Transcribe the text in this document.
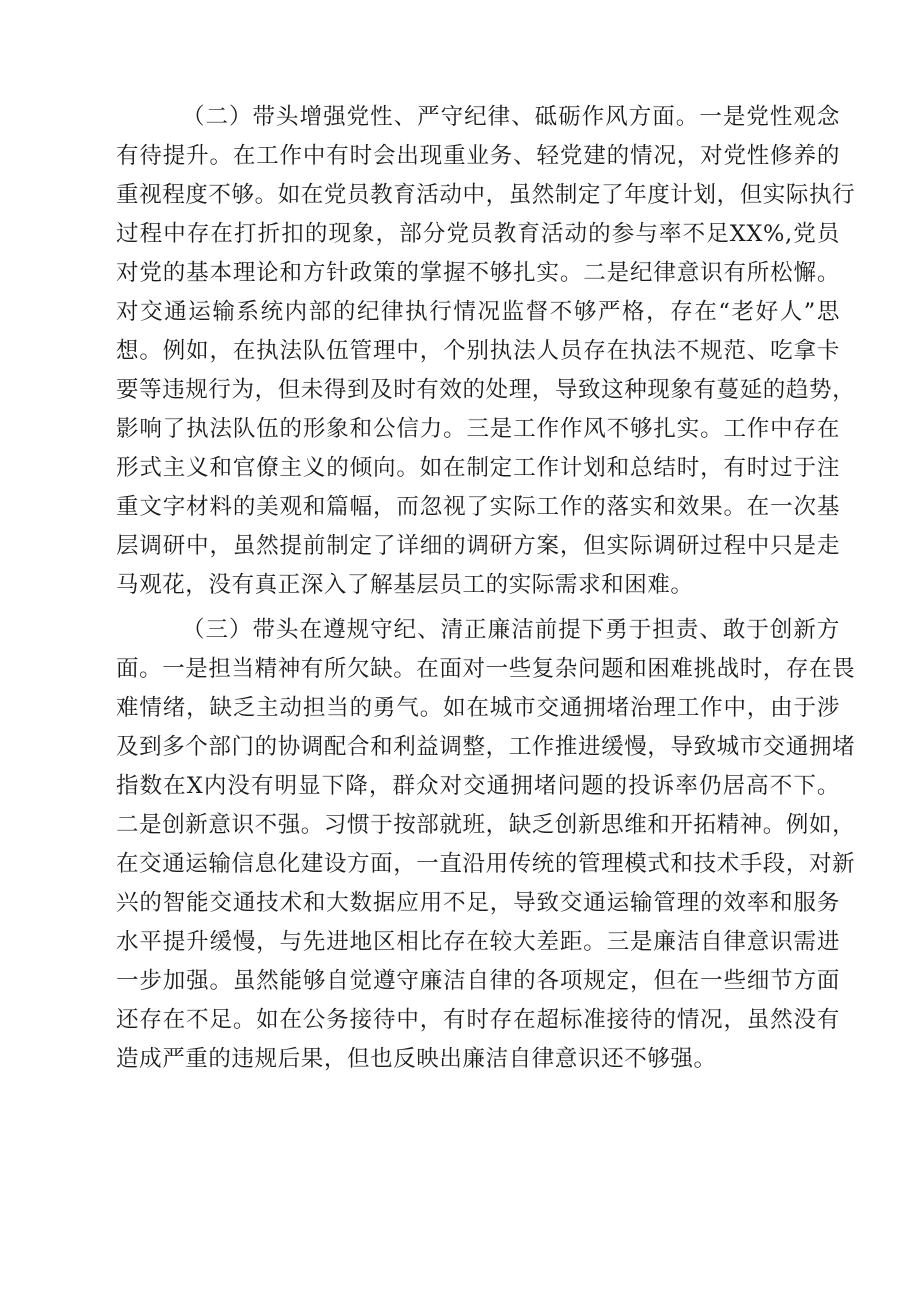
（二）带头增强党性、严守纪律、砥砺作风方面。一是党性观念
有待提升。在工作中有时会出现重业务、轻党建的情况，对党性修养的
重视程度不够。如在党员教育活动中，虽然制定了年度计划，但实际执行
过程中存在打折扣的现象，部分党员教育活动的参与率不足XX%,党员
对党的基本理论和方针政策的掌握不够扎实。二是纪律意识有所松懈。
对交通运输系统内部的纪律执行情况监督不够严格，存在“老好人”思
想。例如，在执法队伍管理中，个别执法人员存在执法不规范、吃拿卡
要等违规行为，但未得到及时有效的处理，导致这种现象有蔓延的趋势，
影响了执法队伍的形象和公信力。三是工作作风不够扎实。工作中存在
形式主义和官僚主义的倾向。如在制定工作计划和总结时，有时过于注
重文字材料的美观和篇幅，而忽视了实际工作的落实和效果。在一次基
层调研中，虽然提前制定了详细的调研方案，但实际调研过程中只是走
马观花，没有真正深入了解基层员工的实际需求和困难。
（三）带头在遵规守纪、清正廉洁前提下勇于担责、敢于创新方
面。一是担当精神有所欠缺。在面对一些复杂问题和困难挑战时，存在畏
难情绪，缺乏主动担当的勇气。如在城市交通拥堵治理工作中，由于涉
及到多个部门的协调配合和利益调整，工作推进缓慢，导致城市交通拥堵
指数在X内没有明显下降，群众对交通拥堵问题的投诉率仍居高不下。
二是创新意识不强。习惯于按部就班，缺乏创新思维和开拓精神。例如，
在交通运输信息化建设方面，一直沿用传统的管理模式和技术手段，对新
兴的智能交通技术和大数据应用不足，导致交通运输管理的效率和服务
水平提升缓慢，与先进地区相比存在较大差距。三是廉洁自律意识需进
一步加强。虽然能够自觉遵守廉洁自律的各项规定，但在一些细节方面
还存在不足。如在公务接待中，有时存在超标准接待的情况，虽然没有
造成严重的违规后果，但也反映出廉洁自律意识还不够强。
